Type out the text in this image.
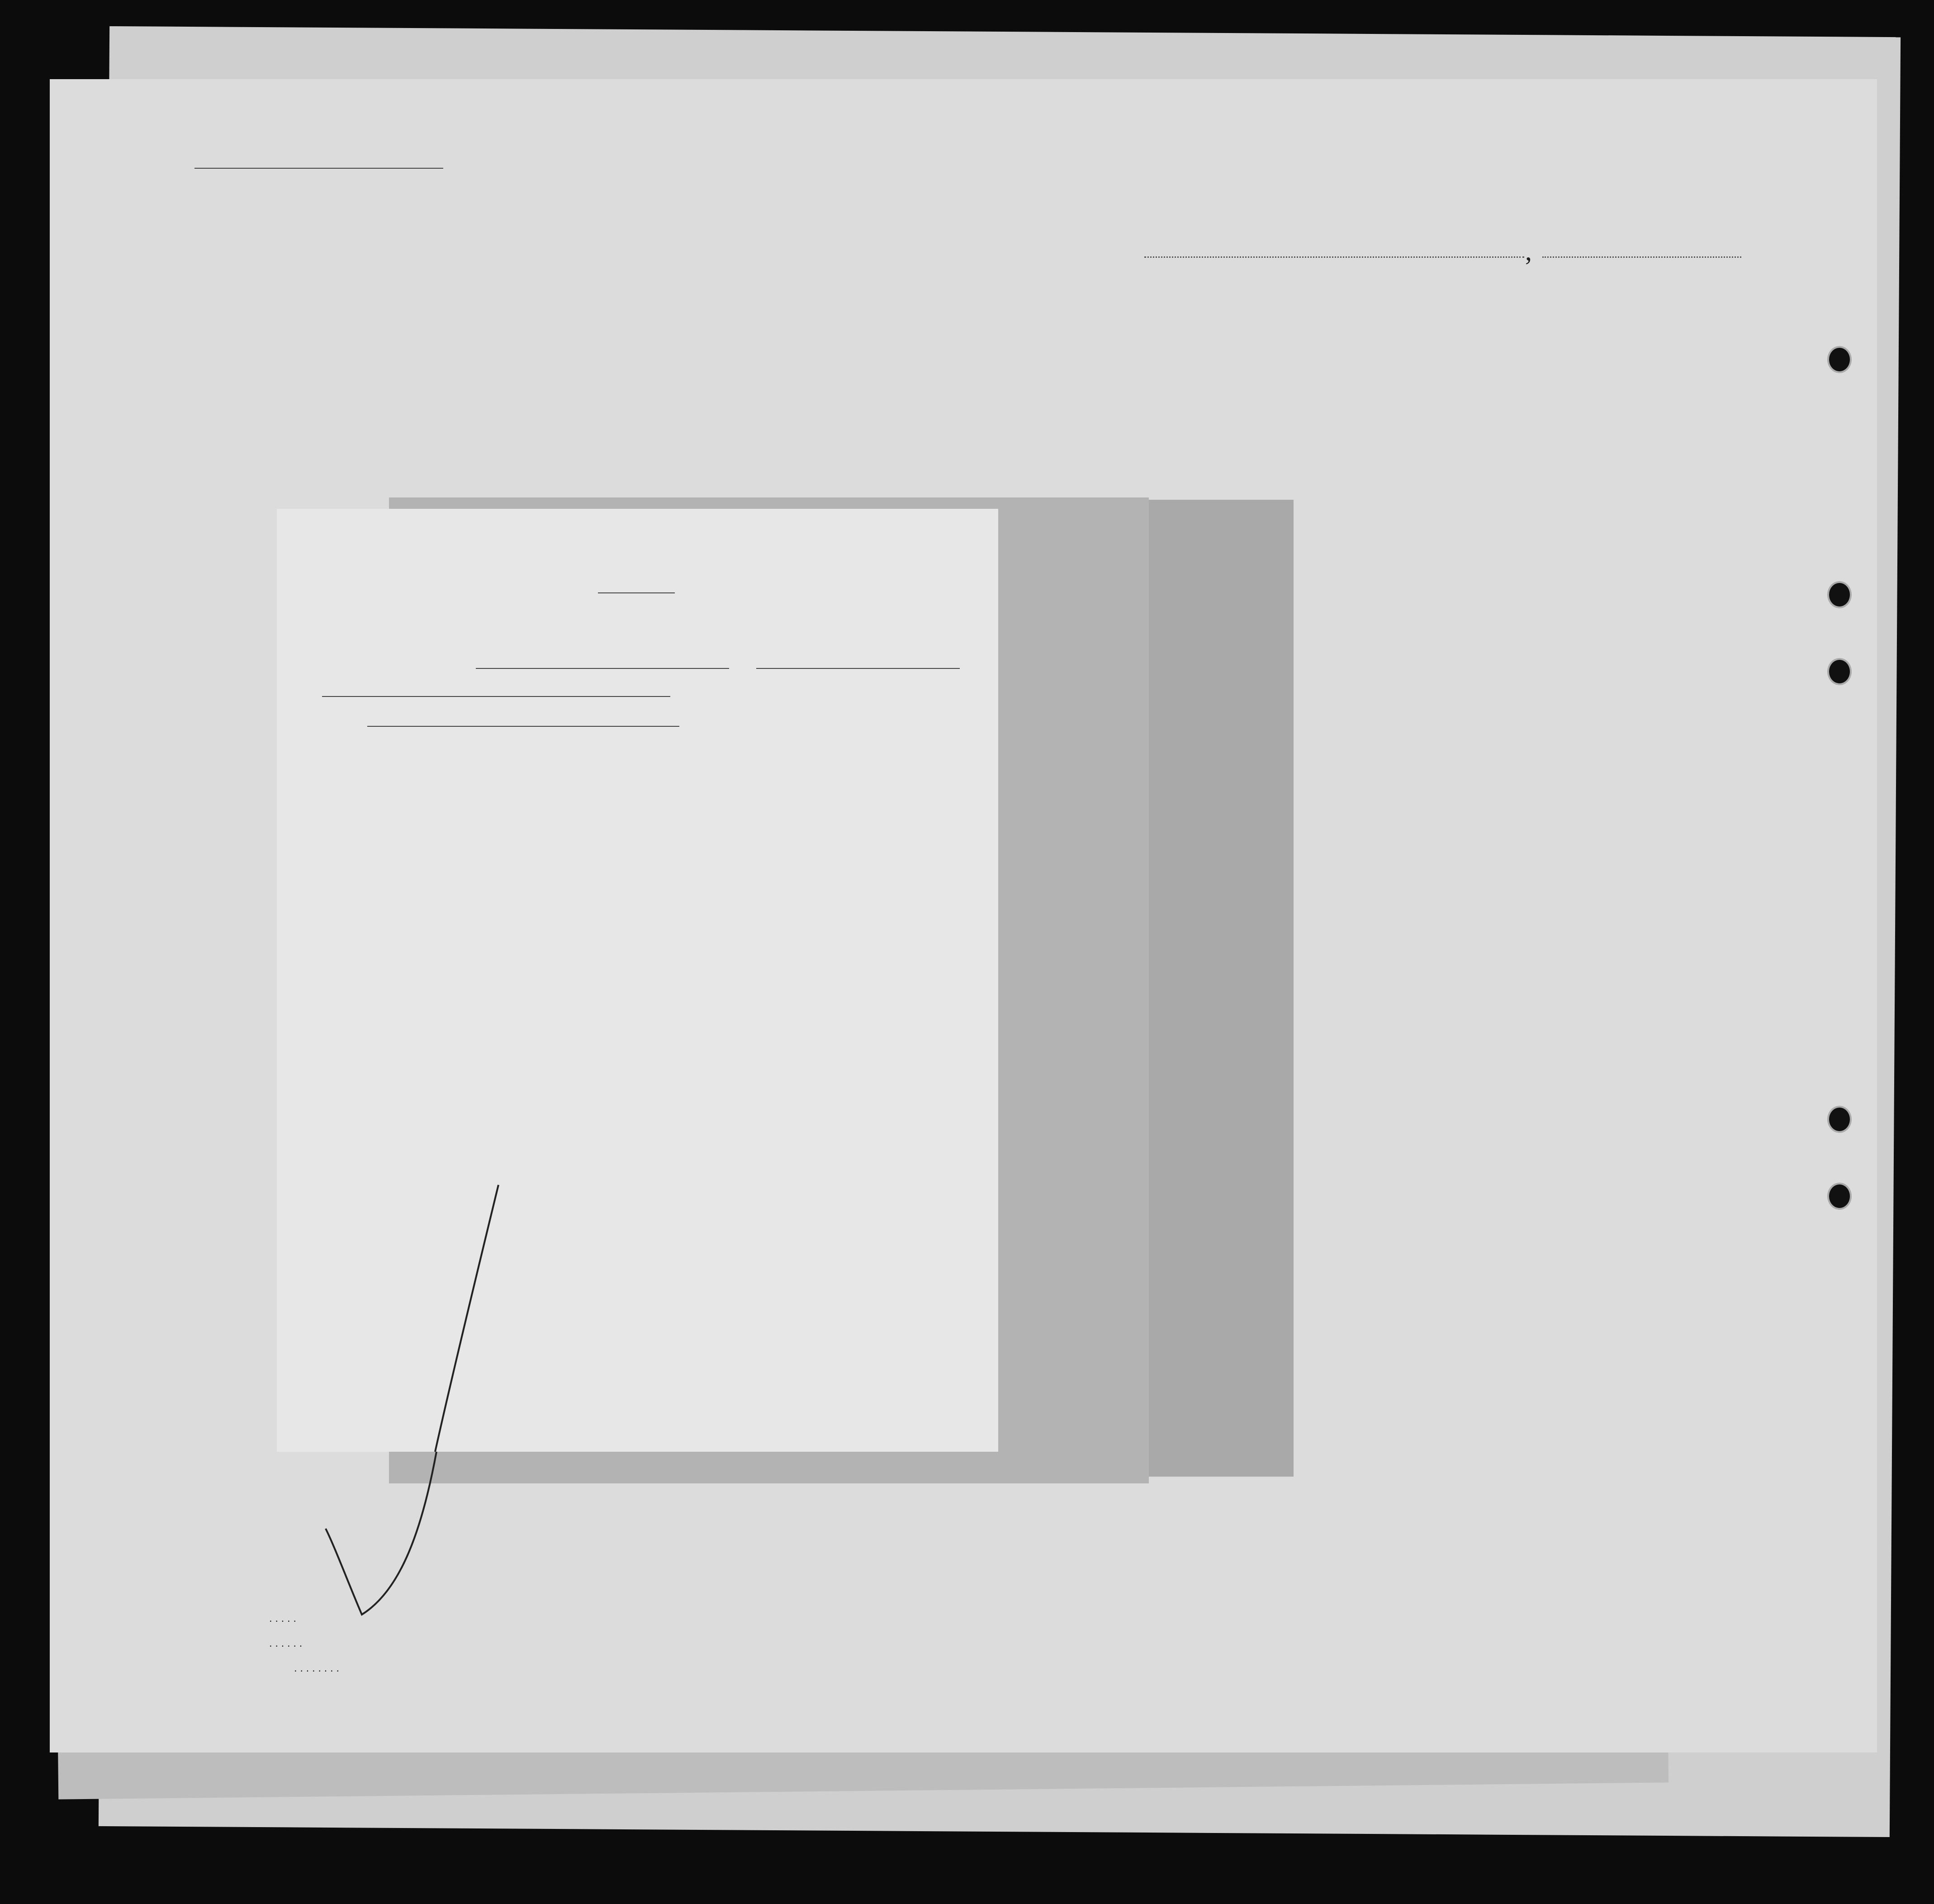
,
. . . . .
. . . . . .
. . . . . . . .
